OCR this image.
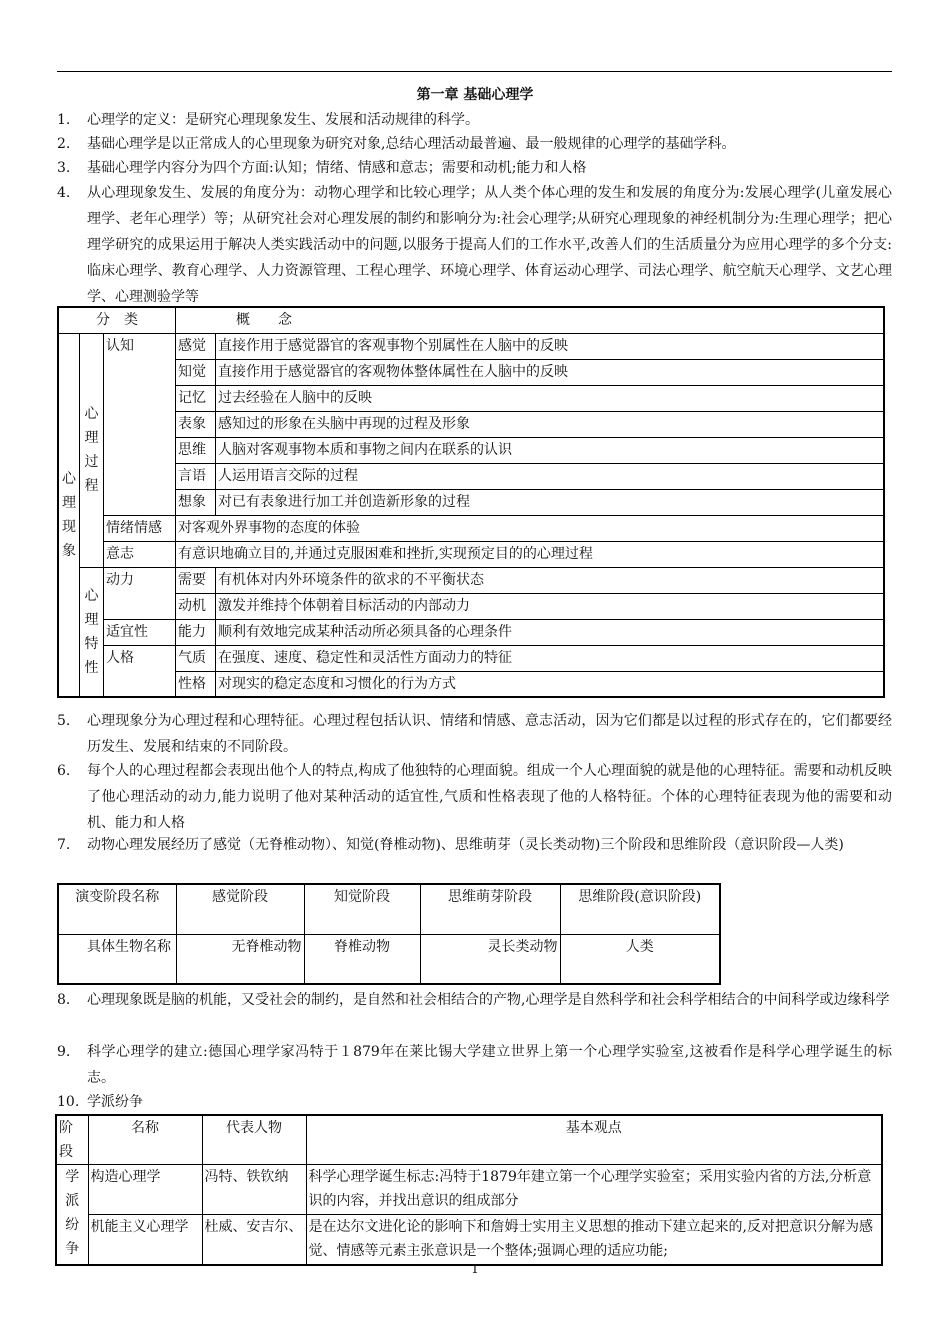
第一章 基础心理学
1. 心理学的定义：是研究心理现象发生、发展和活动规律的科学。
2. 基础心理学是以正常成人的心里现象为研究对象,总结心理活动最普遍、最一般规律的心理学的基础学科。
3. 基础心理学内容分为四个方面:认知；情绪、情感和意志；需要和动机;能力和人格
4. 从心理现象发生、发展的角度分为：动物心理学和比较心理学；从人类个体心理的发生和发展的角度分为:发展心理学(儿童发展心理学、老年心理学）等；从研究社会对心理发展的制约和影响分为:社会心理学;从研究心理现象的神经机制分为:生理心理学；把心理学研究的成果运用于解决人类实践活动中的问题,以服务于提高人们的工作水平,改善人们的生活质量分为应用心理学的多个分支:临床心理学、教育心理学、人力资源管理、工程心理学、环境心理学、体育运动心理学、司法心理学、航空航天心理学、文艺心理学、心理测验学等
分　类			概　　念	
心理现象	心理过程	认知	感觉	直接作用于感觉器官的客观事物个别属性在人脑中的反映
			知觉	直接作用于感觉器官的客观物体整体属性在人脑中的反映
			记忆	过去经验在人脑中的反映
			表象	感知过的形象在头脑中再现的过程及形象
			思维	人脑对客观事物本质和事物之间内在联系的认识
			言语	人运用语言交际的过程
			想象	对已有表象进行加工并创造新形象的过程
		情绪情感	对客观外界事物的态度的体验	
		意志	有意识地确立目的,并通过克服困难和挫折,实现预定目的的心理过程	
	心理特性	动力	需要	有机体对内外环境条件的欲求的不平衡状态
			动机	激发并维持个体朝着目标活动的内部动力
		适宜性	能力	顺利有效地完成某种活动所必须具备的心理条件
		人格	气质	在强度、速度、稳定性和灵活性方面动力的特征
			性格	对现实的稳定态度和习惯化的行为方式
5. 心理现象分为心理过程和心理特征。心理过程包括认识、情绪和情感、意志活动，因为它们都是以过程的形式存在的，它们都要经历发生、发展和结束的不同阶段。
6. 每个人的心理过程都会表现出他个人的特点,构成了他独特的心理面貌。组成一个人心理面貌的就是他的心理特征。需要和动机反映了他心理活动的动力,能力说明了他对某种活动的适宜性,气质和性格表现了他的人格特征。个体的心理特征表现为他的需要和动机、能力和人格
7. 动物心理发展经历了感觉（无脊椎动物）、知觉(脊椎动物)、思维萌芽（灵长类动物)三个阶段和思维阶段（意识阶段—人类)
演变阶段名称	感觉阶段	知觉阶段	思维萌芽阶段	思维阶段(意识阶段)
具体生物名称	无脊椎动物	脊椎动物	灵长类动物	人类
8. 心理现象既是脑的机能，又受社会的制约，是自然和社会相结合的产物,心理学是自然科学和社会科学相结合的中间科学或边缘科学
9. 科学心理学的建立:德国心理学家冯特于１879年在莱比锡大学建立世界上第一个心理学实验室,这被看作是科学心理学诞生的标志。
10. 学派纷争
阶段	名称	代表人物	基本观点
学派纷争	构造心理学	冯特、铁钦纳	科学心理学诞生标志:冯特于1879年建立第一个心理学实验室；采用实验内省的方法,分析意识的内容，并找出意识的组成部分
	机能主义心理学	杜威、安吉尔、	是在达尔文进化论的影响下和詹姆士实用主义思想的推动下建立起来的,反对把意识分解为感觉、情感等元素主张意识是一个整体;强调心理的适应功能;
1
